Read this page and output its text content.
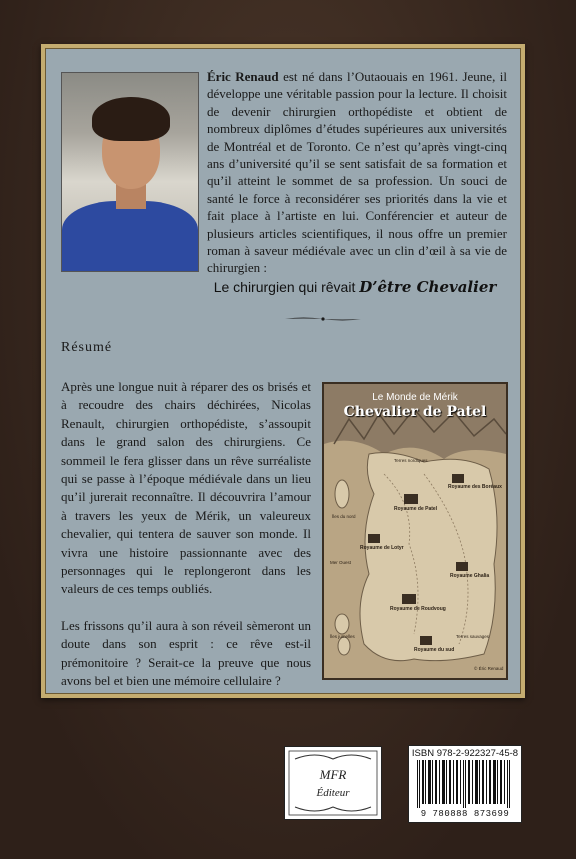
Éric Renaud est né dans l’Outaouais en 1961. Jeune, il développe une véritable passion pour la lecture. Il choisit de devenir chirurgien orthopédiste et obtient de nombreux diplômes d’études supérieures aux universités de Montréal et de Toronto. Ce n’est qu’après vingt-cinq ans d’université qu’il se sent satisfait de sa formation et qu’il atteint le sommet de sa profession. Un souci de santé le force à reconsidérer ses priorités dans la vie et fait place à l’artiste en lui. Conférencier et auteur de plusieurs articles scientifiques, il nous offre un premier roman à saveur médiévale avec un clin d’œil à sa vie de chirurgien :
Le chirurgien qui rêvait D’être Chevalier
Résumé

Après une longue nuit à réparer des os brisés et à recoudre des chairs déchirées, Nicolas Renault, chirurgien orthopédiste, s’assoupit dans le grand salon des chirurgiens. Ce sommeil le fera glisser dans un rêve surréaliste qui se passe à l’époque médiévale dans un lieu qu’il jurerait reconnaître. Il découvrira l’amour à travers les yeux de Mérik, un valeureux chevalier, qui tentera de sauver son monde. Il vivra une histoire passionnante avec des personnages qui le replongeront dans les valeurs de ces temps oubliés.

Les frissons qu’il aura à son réveil sèmeront un doute dans son esprit : ce rêve est-il prémonitoire ? Serait-ce la preuve que nous avons bel et bien une mémoire cellulaire ?

Le Monde de Mérik
Chevalier de Patel
Terres nordiques
Royaume des Boréaux
Royaume de Patel
Royaume de Lotyr
Royaume Ghalia
Royaume de Roudvoug
Royaume du sud
Îles du nord
Mer Ouest
Îles jumelles	Terres sauvages
© Éric Renaud
MFR
Éditeur
ISBN 978-2-922327-45-8
9 780888 873699
